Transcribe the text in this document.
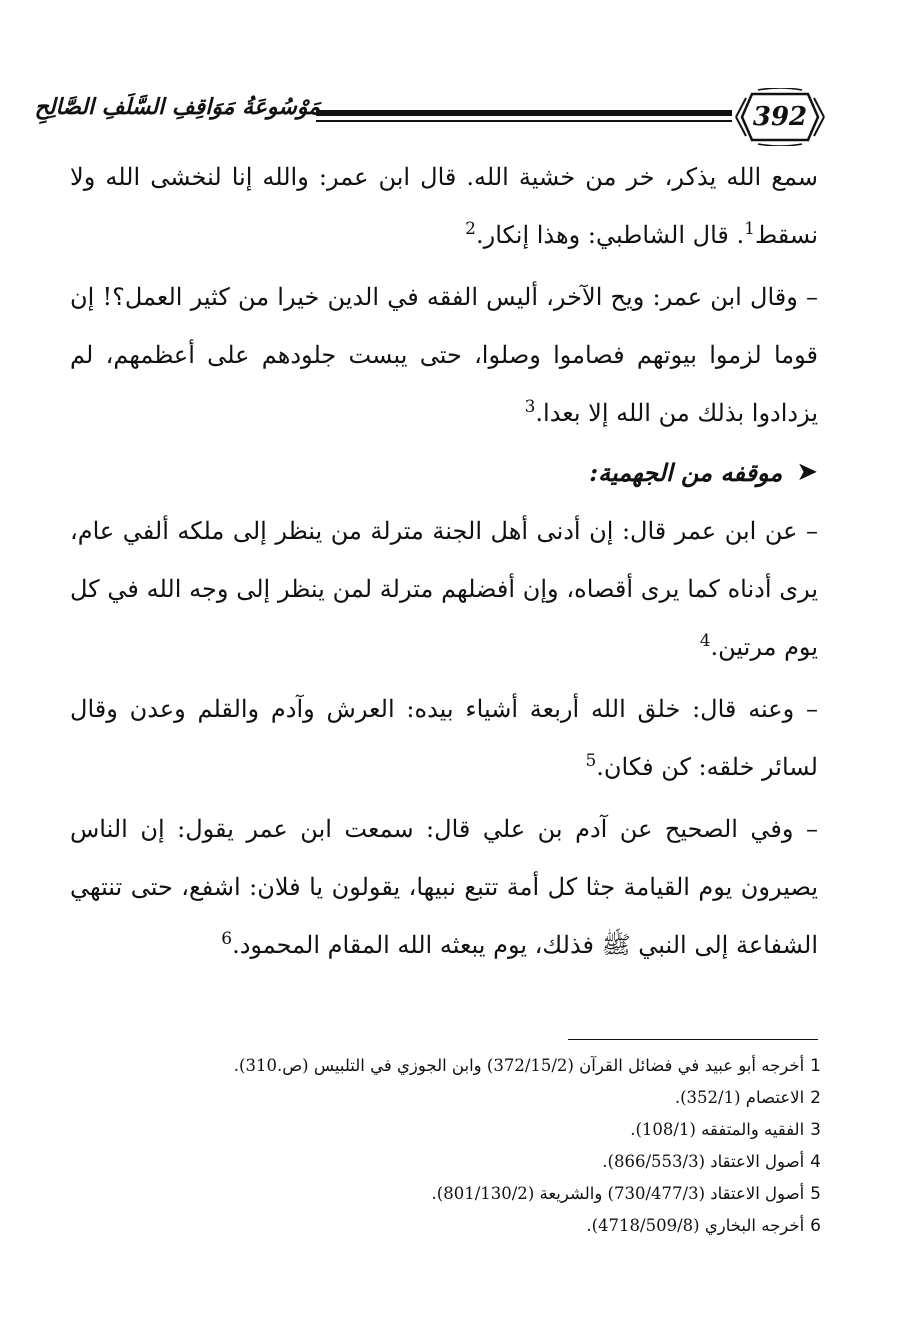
392
مَوْسُوعَةُ مَوَاقِفِ السَّلَفِ الصَّالِحِ

سمع الله يذكر، خر من خشية الله. قال ابن عمر: والله إنا لنخشى الله ولا نسقط$^1$. قال الشاطبي: وهذا إنكار.$^2$

– وقال ابن عمر: ويح الآخر، أليس الفقه في الدين خيرا من كثير العمل؟! إن قوما لزموا بيوتهم فصاموا وصلوا، حتى يبست جلودهم على أعظمهم، لم يزدادوا بذلك من الله إلا بعدا.$^3$

➤
موقفه من الجهمية:

– عن ابن عمر قال: إن أدنى أهل الجنة مترلة من ينظر إلى ملكه ألفي عام، يرى أدناه كما يرى أقصاه، وإن أفضلهم مترلة لمن ينظر إلى وجه الله في كل يوم مرتين.$^4$

– وعنه قال: خلق الله أربعة أشياء بيده: العرش وآدم والقلم وعدن وقال لسائر خلقه: كن فكان.$^5$

– وفي الصحيح عن آدم بن علي قال: سمعت ابن عمر يقول: إن الناس يصيرون يوم القيامة جثا كل أمة تتبع نبيها، يقولون يا فلان: اشفع، حتى تنتهي الشفاعة إلى النبي ﷺ فذلك، يوم يبعثه الله المقام المحمود.$^6$

1أخرجه أبو عبيد في فضائل القرآن (372/15/2) وابن الجوزي في التلبيس (ص.310).

2الاعتصام (352/1).

3الفقيه والمتفقه (108/1).

4أصول الاعتقاد (866/553/3).

5أصول الاعتقاد (730/477/3) والشريعة (801/130/2).

6أخرجه البخاري (4718/509/8).
